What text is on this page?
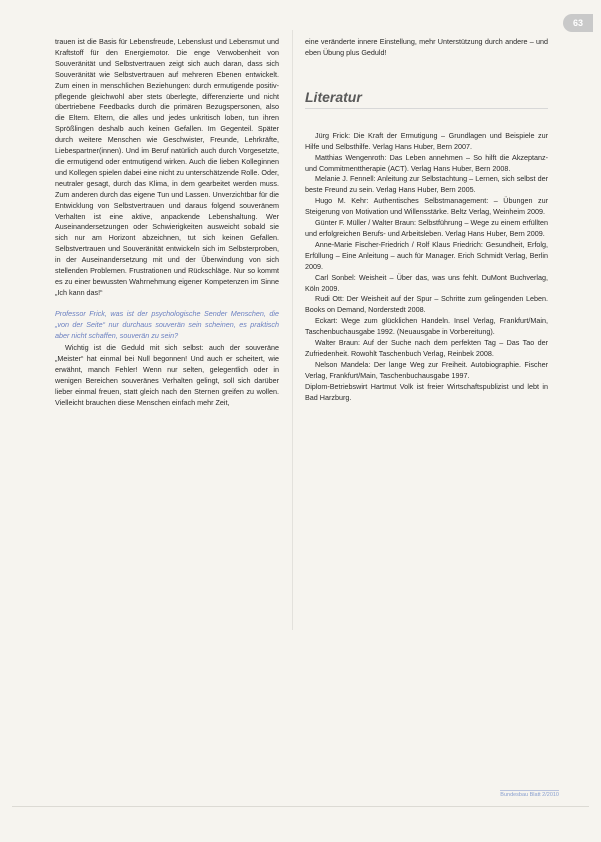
63

trauen ist die Basis für Lebensfreude, Lebenslust und Lebensmut und Kraftstoff für den Energiemotor. Die enge Verwobenheit von Souveränität und Selbstvertrauen zeigt sich auch daran, dass sich Souveränität wie Selbstvertrauen auf mehreren Ebenen entwickelt. Zum einen in menschlichen Beziehungen: durch ermutigende positiv-pflegende gleichwohl aber stets überlegte, differenzierte und nicht übertriebene Feedbacks durch die primären Bezugspersonen, also die Eltern. Eltern, die alles und jedes unkritisch loben, tun ihren Sprößlingen deshalb auch keinen Gefallen. Im Gegenteil. Später durch weitere Menschen wie Geschwister, Freunde, Lehrkräfte, Liebespartner(innen). Und im Beruf natürlich auch durch Vorgesetzte, die ermutigend oder entmutigend wirken. Auch die lieben Kolleginnen und Kollegen spielen dabei eine nicht zu unterschätzende Rolle. Oder, neutraler gesagt, durch das Klima, in dem gearbeitet werden muss. Zum anderen durch das eigene Tun und Lassen. Unverzichtbar für die Entwicklung von Selbstvertrauen und daraus folgend souveränem Verhalten ist eine aktive, anpackende Lebenshaltung. Wer Auseinandersetzungen oder Schwierigkeiten ausweicht sobald sie sich nur am Horizont abzeichnen, tut sich keinen Gefallen. Selbstvertrauen und Souveränität entwickeln sich im Selbsterproben, in der Auseinandersetzung mit und der Überwindung von sich stellenden Problemen. Frustrationen und Rückschläge. Nur so kommt es zu einer bewussten Wahrnehmung eigener Kompetenzen im Sinne „Ich kann das!“

Professor Frick, was ist der psychologische Sender Menschen, die „von der Seite“ nur durchaus souverän sein scheinen, es praktisch aber nicht schaffen, souverän zu sein?

Wichtig ist die Geduld mit sich selbst: auch der souveräne „Meister“ hat einmal bei Null begonnen! Und auch er scheitert, wie erwähnt, manch Fehler! Wenn nur selten, gelegentlich oder in wenigen Bereichen souveränes Verhalten gelingt, soll sich darüber lieber einmal freuen, statt gleich nach den Sternen greifen zu wollen. Vielleicht brauchen diese Menschen einfach mehr Zeit,

eine veränderte innere Einstellung, mehr Unterstützung durch andere – und eben Übung plus Geduld!

Literatur

Jürg Frick: Die Kraft der Ermutigung – Grundlagen und Beispiele zur Hilfe und Selbsthilfe. Verlag Hans Huber, Bern 2007.

Matthias Wengenroth: Das Leben annehmen – So hilft die Akzeptanz- und Commitmenttherapie (ACT). Verlag Hans Huber, Bern 2008.

Melanie J. Fennell: Anleitung zur Selbstachtung – Lernen, sich selbst der beste Freund zu sein. Verlag Hans Huber, Bern 2005.

Hugo M. Kehr: Authentisches Selbstmanagement: – Übungen zur Steigerung von Motivation und Willensstärke. Beltz Verlag, Weinheim 2009.

Günter F. Müller / Walter Braun: Selbstführung – Wege zu einem erfüllten und erfolgreichen Berufs- und Arbeitsleben. Verlag Hans Huber, Bern 2009.

Anne-Marie Fischer-Friedrich / Rolf Klaus Friedrich: Gesundheit, Erfolg, Erfüllung – Eine Anleitung – auch für Manager. Erich Schmidt Verlag, Berlin 2009.

Carl Sonbel: Weisheit – Über das, was uns fehlt. DuMont Buchverlag, Köln 2009.

Rudi Ott: Der Weisheit auf der Spur – Schritte zum gelingenden Leben. Books on Demand, Norderstedt 2008.

Eckart: Wege zum glücklichen Handeln. Insel Verlag, Frankfurt/Main, Taschenbuchausgabe 1992. (Neuausgabe in Vorbereitung).

Walter Braun: Auf der Suche nach dem perfekten Tag – Das Tao der Zufriedenheit. Rowohlt Taschenbuch Verlag, Reinbek 2008.

Nelson Mandela: Der lange Weg zur Freiheit. Autobiographie. Fischer Verlag, Frankfurt/Main, Taschenbuchausgabe 1997.

Diplom-Betriebswirt Hartmut Volk ist freier Wirtschaftspublizist und lebt in Bad Harzburg.

Bundesbau Blatt 2/2010
